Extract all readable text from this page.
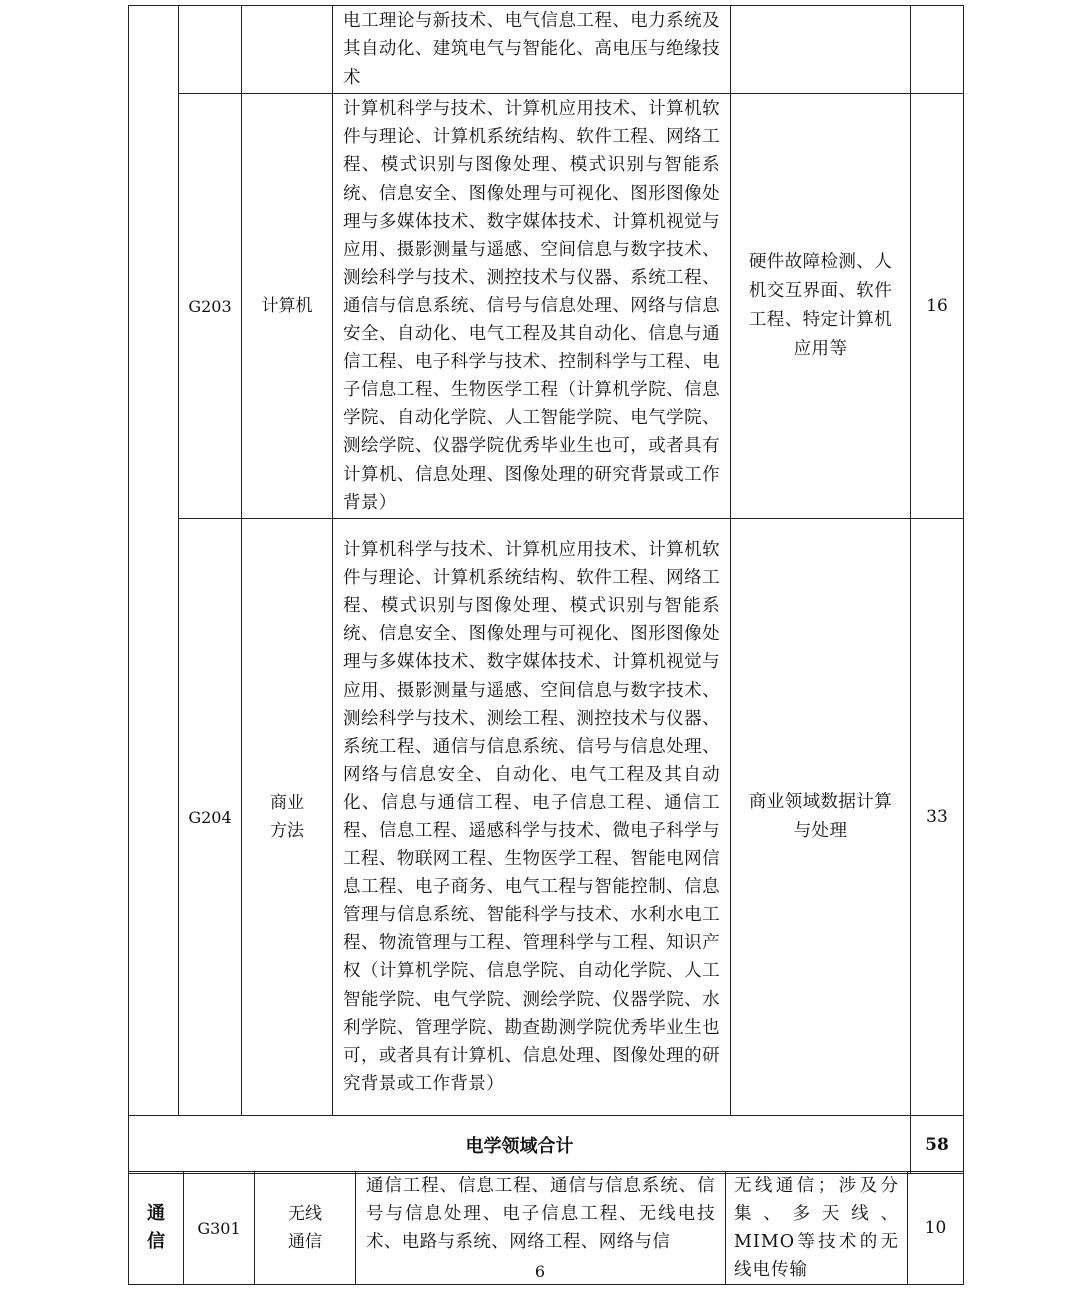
			电工理论与新技术、电气信息工程、电力系统及其自动化、建筑电气与智能化、高电压与绝缘技术		
	G203	计算机	计算机科学与技术、计算机应用技术、计算机软件与理论、计算机系统结构、软件工程、网络工程、模式识别与图像处理、模式识别与智能系统、信息安全、图像处理与可视化、图形图像处理与多媒体技术、数字媒体技术、计算机视觉与应用、摄影测量与遥感、空间信息与数字技术、测绘科学与技术、测控技术与仪器、系统工程、通信与信息系统、信号与信息处理、网络与信息安全、自动化、电气工程及其自动化、信息与通信工程、电子科学与技术、控制科学与工程、电子信息工程、生物医学工程（计算机学院、信息学院、自动化学院、人工智能学院、电气学院、测绘学院、仪器学院优秀毕业生也可，或者具有计算机、信息处理、图像处理的研究背景或工作背景）	硬件故障检测、人机交互界面、软件工程、特定计算机应用等	16
	G204	商业方法	计算机科学与技术、计算机应用技术、计算机软件与理论、计算机系统结构、软件工程、网络工程、模式识别与图像处理、模式识别与智能系统、信息安全、图像处理与可视化、图形图像处理与多媒体技术、数字媒体技术、计算机视觉与应用、摄影测量与遥感、空间信息与数字技术、测绘科学与技术、测绘工程、测控技术与仪器、系统工程、通信与信息系统、信号与信息处理、网络与信息安全、自动化、电气工程及其自动化、信息与通信工程、电子信息工程、通信工程、信息工程、遥感科学与技术、微电子科学与工程、物联网工程、生物医学工程、智能电网信息工程、电子商务、电气工程与智能控制、信息管理与信息系统、智能科学与技术、水利水电工程、物流管理与工程、管理科学与工程、知识产权（计算机学院、信息学院、自动化学院、人工智能学院、电气学院、测绘学院、仪器学院、水利学院、管理学院、勘查勘测学院优秀毕业生也可，或者具有计算机、信息处理、图像处理的研究背景或工作背景）	商业领域数据计算与处理	33
电学领域合计					58
通信	G301	无线通信	通信工程、信息工程、通信与信息系统、信号与信息处理、电子信息工程、无线电技术、电路与系统、网络工程、网络与信	无线通信；涉及分集、多天线、MIMO等技术的无线电传输	10
6
